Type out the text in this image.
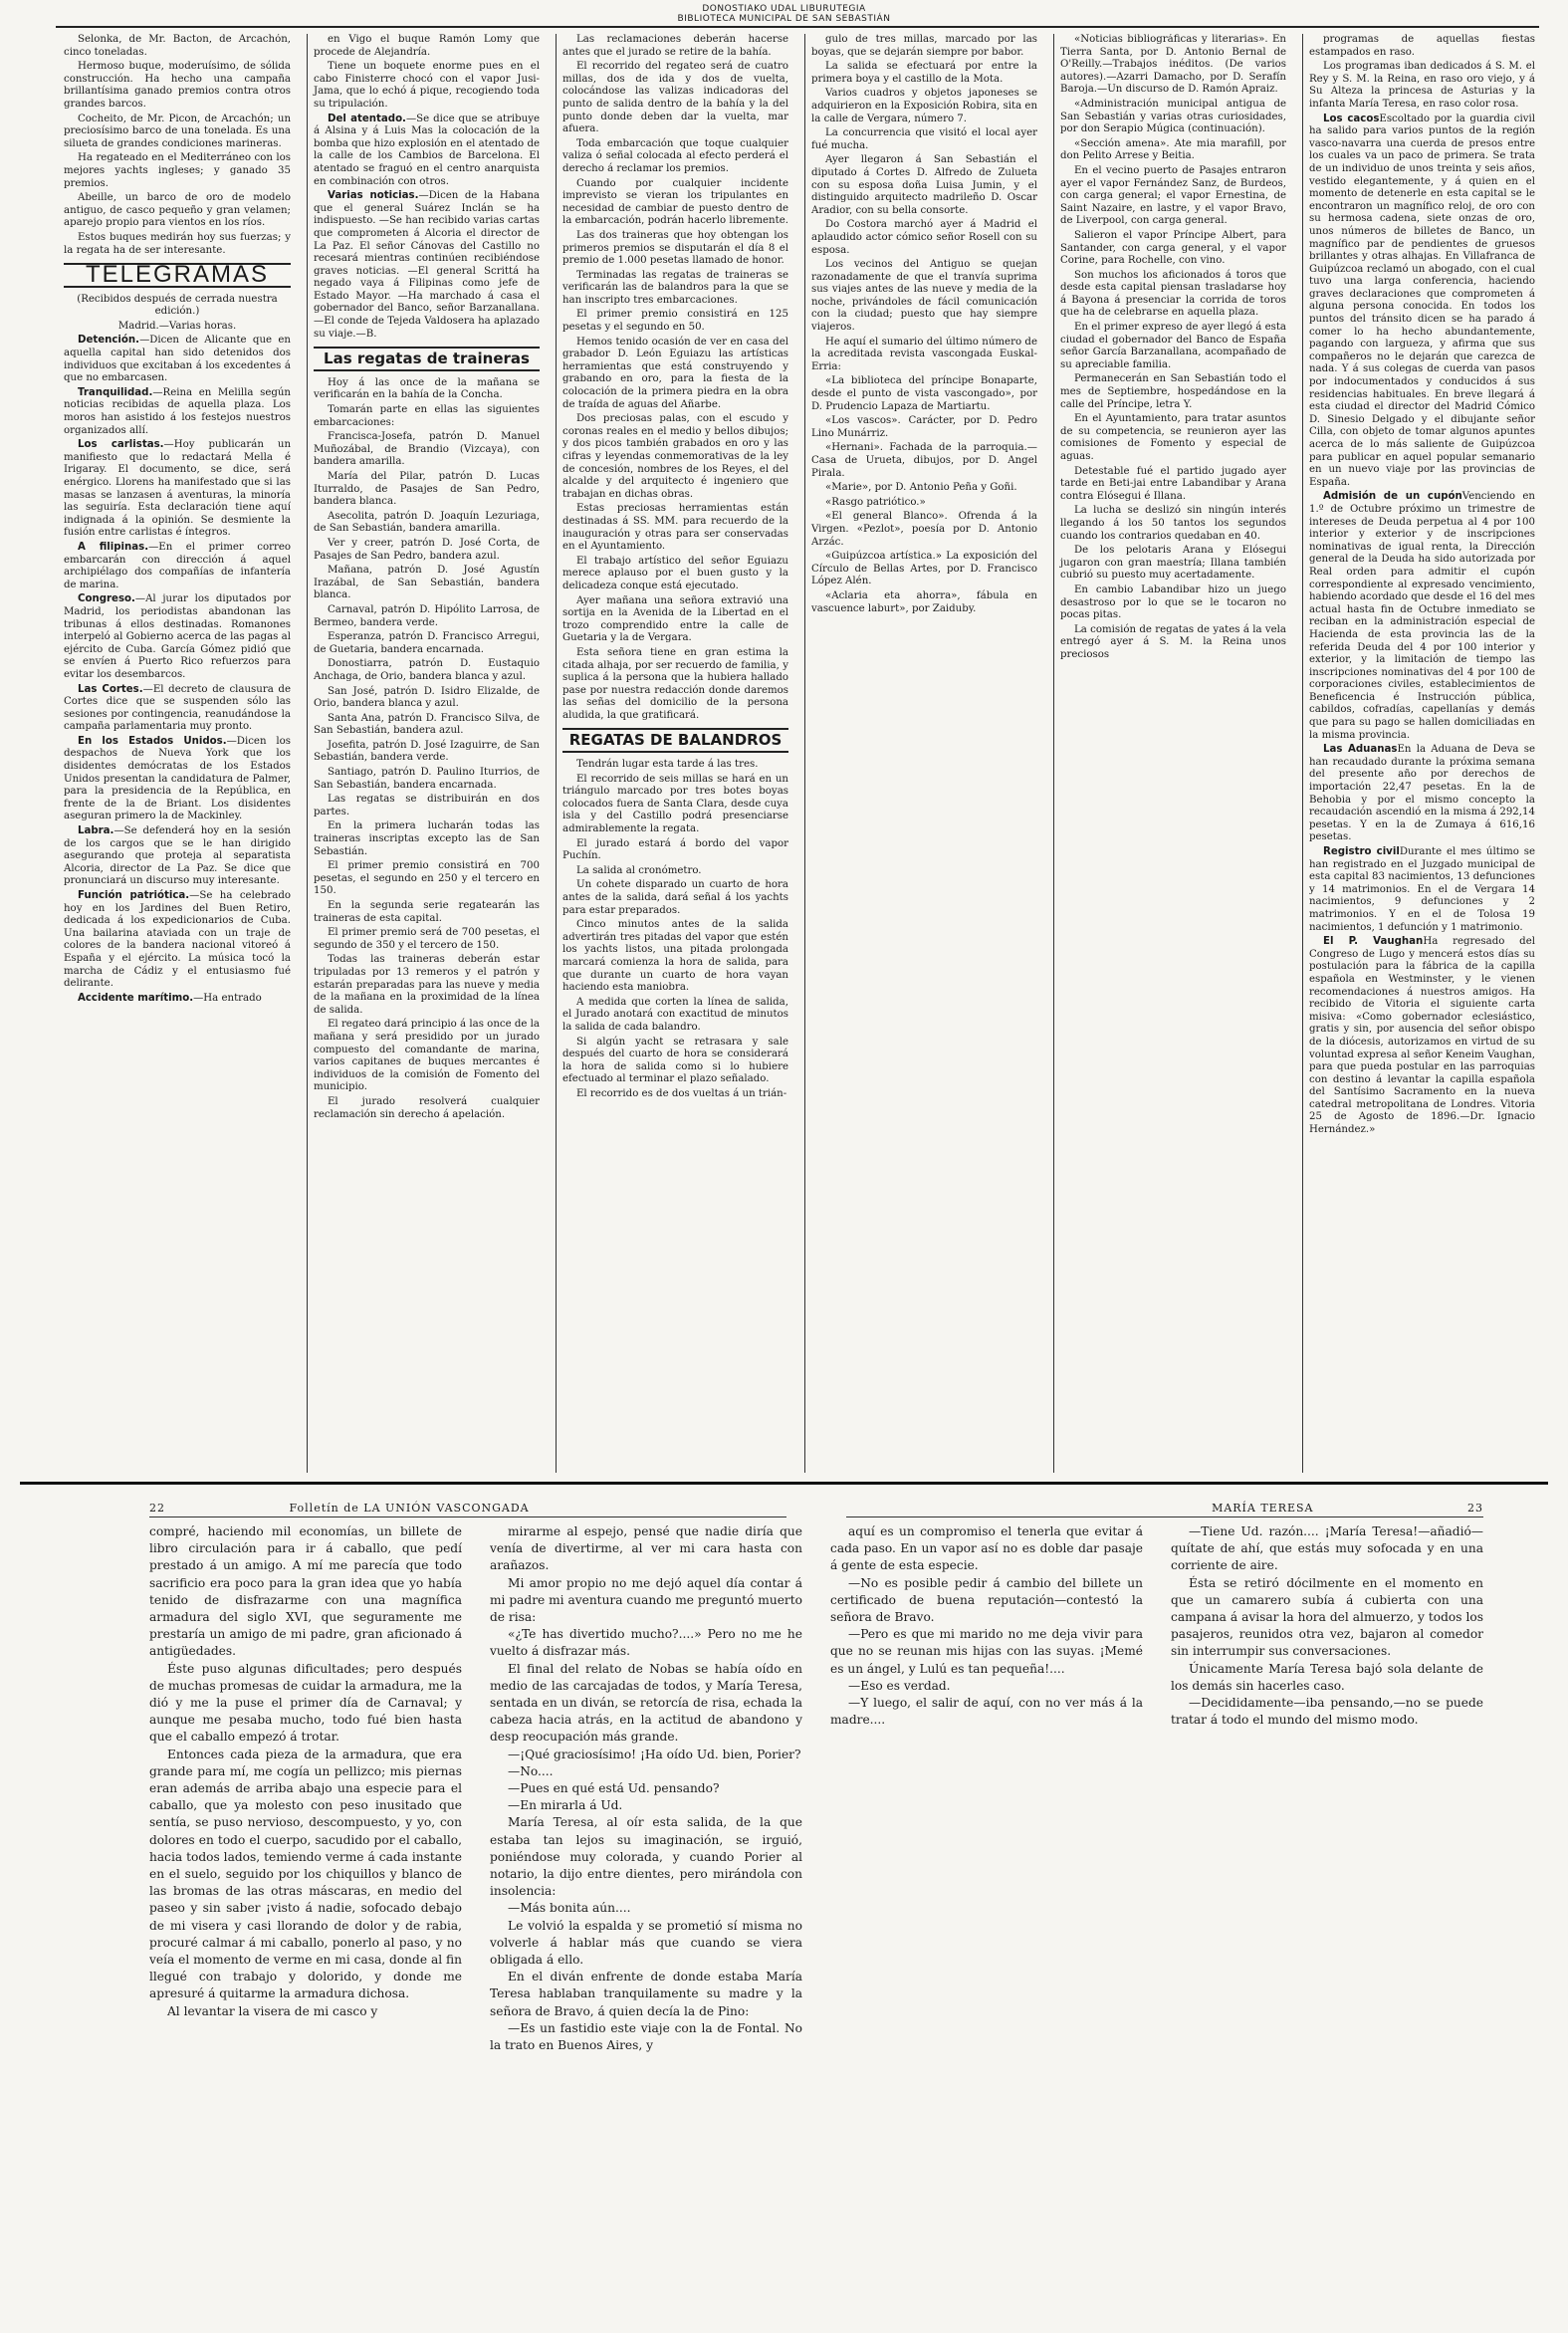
DONOSTIAKO UDAL LIBURUTEGIA
BIBLIOTECA MUNICIPAL DE SAN SEBASTIÁN

Selonka, de Mr. Bacton, de Arcachón, cinco toneladas.

Hermoso buque, moderuísimo, de sólida construcción. Ha hecho una campaña brillantísima ganado premios contra otros grandes barcos.

Cocheito, de Mr. Picon, de Arcachón; un preciosísimo barco de una tonelada. Es una silueta de grandes condiciones marineras.

Ha regateado en el Mediterráneo con los mejores yachts ingleses; y ganado 35 premios.

Abeille, un barco de oro de modelo antiguo, de casco pequeño y gran velamen; aparejo propio para vientos en los ríos.

Estos buques medirán hoy sus fuerzas; y la regata ha de ser interesante.

TELEGRAMAS

(Recibidos después de cerrada nuestra edición.)

Madrid.—Varias horas.

Detención.—Dicen de Alicante que en aquella capital han sido detenidos dos individuos que excitaban á los excedentes á que no embarcasen.

Tranquilidad.—Reina en Melilla según noticias recibidas de aquella plaza. Los moros han asistido á los festejos nuestros organizados allí.

Los carlistas.—Hoy publicarán un manifiesto que lo redactará Mella é Irigaray. El documento, se dice, será enérgico. Llorens ha manifestado que si las masas se lanzasen á aventuras, la minoría las seguiría. Esta declaración tiene aquí indignada á la opinión. Se desmiente la fusión entre carlistas é íntegros.

A filipinas.—En el primer correo embarcarán con dirección á aquel archipiélago dos compañías de infantería de marina.

Congreso.—Al jurar los diputados por Madrid, los periodistas abandonan las tribunas á ellos destinadas. Romanones interpeló al Gobierno acerca de las pagas al ejército de Cuba. García Gómez pidió que se envíen á Puerto Rico refuerzos para evitar los desembarcos.

Las Cortes.—El decreto de clausura de Cortes dice que se suspenden sólo las sesiones por contingencia, reanudándose la campaña parlamentaria muy pronto.

En los Estados Unidos.—Dicen los despachos de Nueva York que los disidentes demócratas de los Estados Unidos presentan la candidatura de Palmer, para la presidencia de la República, en frente de la de Briant. Los disidentes aseguran primero la de Mackinley.

Labra.—Se defenderá hoy en la sesión de los cargos que se le han dirigido asegurando que proteja al separatista Alcoria, director de La Paz. Se dice que pronunciará un discurso muy interesante.

Función patriótica.—Se ha celebrado hoy en los Jardines del Buen Retiro, dedicada á los expedicionarios de Cuba. Una bailarina ataviada con un traje de colores de la bandera nacional vitoreó á España y el ejército. La música tocó la marcha de Cádiz y el entusiasmo fué delirante.

Accidente marítimo.—Ha entrado

en Vigo el buque Ramón Lomy que procede de Alejandría.

Tiene un boquete enorme pues en el cabo Finisterre chocó con el vapor Jusi-Jama, que lo echó á pique, recogiendo toda su tripulación.

Del atentado.—Se dice que se atribuye á Alsina y á Luis Mas la colocación de la bomba que hizo explosión en el atentado de la calle de los Cambios de Barcelona. El atentado se fraguó en el centro anarquista en combinación con otros.

Varias noticias.—Dicen de la Habana que el general Suárez Inclán se ha indispuesto. —Se han recibido varias cartas que comprometen á Alcoria el director de La Paz. El señor Cánovas del Castillo no recesará mientras continúen recibiéndose graves noticias. —El general Scrittá ha negado vaya á Filipinas como jefe de Estado Mayor. —Ha marchado á casa el gobernador del Banco, señor Barzanallana. —El conde de Tejeda Valdosera ha aplazado su viaje.—B.

Las regatas de traineras

Hoy á las once de la mañana se verificarán en la bahía de la Concha.

Tomarán parte en ellas las siguientes embarcaciones:

Francisca-Josefa, patrón D. Manuel Muñozábal, de Brandio (Vizcaya), con bandera amarilla.

María del Pilar, patrón D. Lucas Iturraldo, de Pasajes de San Pedro, bandera blanca.

Asecolita, patrón D. Joaquín Lezuriaga, de San Sebastián, bandera amarilla.

Ver y creer, patrón D. José Corta, de Pasajes de San Pedro, bandera azul.

Mañana, patrón D. José Agustín Irazábal, de San Sebastián, bandera blanca.

Carnaval, patrón D. Hipólito Larrosa, de Bermeo, bandera verde.

Esperanza, patrón D. Francisco Arregui, de Guetaria, bandera encarnada.

Donostiarra, patrón D. Eustaquio Anchaga, de Orio, bandera blanca y azul.

San José, patrón D. Isidro Elizalde, de Orio, bandera blanca y azul.

Santa Ana, patrón D. Francisco Silva, de San Sebastián, bandera azul.

Josefita, patrón D. José Izaguirre, de San Sebastián, bandera verde.

Santiago, patrón D. Paulino Iturrios, de San Sebastián, bandera encarnada.

Las regatas se distribuirán en dos partes.

En la primera lucharán todas las traineras inscriptas excepto las de San Sebastián.

El primer premio consistirá en 700 pesetas, el segundo en 250 y el tercero en 150.

En la segunda serie regatearán las traineras de esta capital.

El primer premio será de 700 pesetas, el segundo de 350 y el tercero de 150.

Todas las traineras deberán estar tripuladas por 13 remeros y el patrón y estarán preparadas para las nueve y media de la mañana en la proximidad de la línea de salida.

El regateo dará principio á las once de la mañana y será presidido por un jurado compuesto del comandante de marina, varios capitanes de buques mercantes é individuos de la comisión de Fomento del municipio.

El jurado resolverá cualquier reclamación sin derecho á apelación.

Las reclamaciones deberán hacerse antes que el jurado se retire de la bahía.

El recorrido del regateo será de cuatro millas, dos de ida y dos de vuelta, colocándose las valizas indicadoras del punto de salida dentro de la bahía y la del punto donde deben dar la vuelta, mar afuera.

Toda embarcación que toque cualquier valiza ó señal colocada al efecto perderá el derecho á reclamar los premios.

Cuando por cualquier incidente imprevisto se vieran los tripulantes en necesidad de cambiar de puesto dentro de la embarcación, podrán hacerlo libremente.

Las dos traineras que hoy obtengan los primeros premios se disputarán el día 8 el premio de 1.000 pesetas llamado de honor.

Terminadas las regatas de traineras se verificarán las de balandros para la que se han inscripto tres embarcaciones.

El primer premio consistirá en 125 pesetas y el segundo en 50.

Hemos tenido ocasión de ver en casa del grabador D. León Eguiazu las artísticas herramientas que está construyendo y grabando en oro, para la fiesta de la colocación de la primera piedra en la obra de traída de aguas del Añarbe.

Dos preciosas palas, con el escudo y coronas reales en el medio y bellos dibujos; y dos picos también grabados en oro y las cifras y leyendas conmemorativas de la ley de concesión, nombres de los Reyes, el del alcalde y del arquitecto é ingeniero que trabajan en dichas obras.

Estas preciosas herramientas están destinadas á SS. MM. para recuerdo de la inauguración y otras para ser conservadas en el Ayuntamiento.

El trabajo artístico del señor Eguiazu merece aplauso por el buen gusto y la delicadeza conque está ejecutado.

Ayer mañana una señora extravió una sortija en la Avenida de la Libertad en el trozo comprendido entre la calle de Guetaria y la de Vergara.

Esta señora tiene en gran estima la citada alhaja, por ser recuerdo de familia, y suplica á la persona que la hubiera hallado pase por nuestra redacción donde daremos las señas del domicilio de la persona aludida, la que gratificará.

REGATAS DE BALANDROS

Tendrán lugar esta tarde á las tres.

El recorrido de seis millas se hará en un triángulo marcado por tres botes boyas colocados fuera de Santa Clara, desde cuya isla y del Castillo podrá presenciarse admirablemente la regata.

El jurado estará á bordo del vapor Puchín.

La salida al cronómetro.

Un cohete disparado un cuarto de hora antes de la salida, dará señal á los yachts para estar preparados.

Cinco minutos antes de la salida advertirán tres pitadas del vapor que estén los yachts listos, una pitada prolongada marcará comienza la hora de salida, para que durante un cuarto de hora vayan haciendo esta maniobra.

A medida que corten la línea de salida, el Jurado anotará con exactitud de minutos la salida de cada balandro.

Si algún yacht se retrasara y sale después del cuarto de hora se considerará la hora de salida como si lo hubiere efectuado al terminar el plazo señalado.

El recorrido es de dos vueltas á un trián-

gulo de tres millas, marcado por las boyas, que se dejarán siempre por babor.

La salida se efectuará por entre la primera boya y el castillo de la Mota.

Varios cuadros y objetos japoneses se adquirieron en la Exposición Robira, sita en la calle de Vergara, número 7.

La concurrencia que visitó el local ayer fué mucha.

Ayer llegaron á San Sebastián el diputado á Cortes D. Alfredo de Zulueta con su esposa doña Luisa Jumin, y el distinguido arquitecto madrileño D. Oscar Aradior, con su bella consorte.

Do Costora marchó ayer á Madrid el aplaudido actor cómico señor Rosell con su esposa.

Los vecinos del Antiguo se quejan razonadamente de que el tranvía suprima sus viajes antes de las nueve y media de la noche, privándoles de fácil comunicación con la ciudad; puesto que hay siempre viajeros.

He aquí el sumario del último número de la acreditada revista vascongada Euskal-Erria:

«La biblioteca del príncipe Bonaparte, desde el punto de vista vascongado», por D. Prudencio Lapaza de Martiartu.

«Los vascos». Carácter, por D. Pedro Lino Munárriz.

«Hernani». Fachada de la parroquia.—Casa de Urueta, dibujos, por D. Angel Pirala.

«Marie», por D. Antonio Peña y Goñi.

«Rasgo patriótico.»

«El general Blanco». Ofrenda á la Virgen. «Pezlot», poesía por D. Antonio Arzác.

«Guipúzcoa artística.» La exposición del Círculo de Bellas Artes, por D. Francisco López Alén.

«Aclaria eta ahorra», fábula en vascuence laburt», por Zaiduby.

«Noticias bibliográficas y literarias». En Tierra Santa, por D. Antonio Bernal de O'Reilly.—Trabajos inéditos. (De varios autores).—Azarri Damacho, por D. Serafín Baroja.—Un discurso de D. Ramón Apraiz.

«Administración municipal antigua de San Sebastián y varias otras curiosidades, por don Serapio Múgica (continuación).

«Sección amena». Ate mia marafill, por don Pelito Arrese y Beitia.

En el vecino puerto de Pasajes entraron ayer el vapor Fernández Sanz, de Burdeos, con carga general; el vapor Ernestina, de Saint Nazaire, en lastre, y el vapor Bravo, de Liverpool, con carga general.

Salieron el vapor Príncipe Albert, para Santander, con carga general, y el vapor Corine, para Rochelle, con vino.

Son muchos los aficionados á toros que desde esta capital piensan trasladarse hoy á Bayona á presenciar la corrida de toros que ha de celebrarse en aquella plaza.

En el primer expreso de ayer llegó á esta ciudad el gobernador del Banco de España señor García Barzanallana, acompañado de su apreciable familia.

Permanecerán en San Sebastián todo el mes de Septiembre, hospedándose en la calle del Príncipe, letra Y.

En el Ayuntamiento, para tratar asuntos de su competencia, se reunieron ayer las comisiones de Fomento y especial de aguas.

Detestable fué el partido jugado ayer tarde en Beti-jai entre Labandibar y Arana contra Elósegui é Illana.

La lucha se deslizó sin ningún interés llegando á los 50 tantos los segundos cuando los contrarios quedaban en 40.

De los pelotaris Arana y Elósegui jugaron con gran maestría; Illana también cubrió su puesto muy acertadamente.

En cambio Labandibar hizo un juego desastroso por lo que se le tocaron no pocas pitas.

La comisión de regatas de yates á la vela entregó ayer á S. M. la Reina unos preciosos

programas de aquellas fiestas estampados en raso.

Los programas iban dedicados á S. M. el Rey y S. M. la Reina, en raso oro viejo, y á Su Alteza la princesa de Asturias y la infanta María Teresa, en raso color rosa.

Los cacosEscoltado por la guardia civil ha salido para varios puntos de la región vasco-navarra una cuerda de presos entre los cuales va un paco de primera. Se trata de un individuo de unos treinta y seis años, vestido elegantemente, y á quien en el momento de detenerle en esta capital se le encontraron un magnífico reloj, de oro con su hermosa cadena, siete onzas de oro, unos números de billetes de Banco, un magnífico par de pendientes de gruesos brillantes y otras alhajas. En Villafranca de Guipúzcoa reclamó un abogado, con el cual tuvo una larga conferencia, haciendo graves declaraciones que comprometen á alguna persona conocida. En todos los puntos del tránsito dicen se ha parado á comer lo ha hecho abundantemente, pagando con largueza, y afirma que sus compañeros no le dejarán que carezca de nada. Y á sus colegas de cuerda van pasos por indocumentados y conducidos á sus residencias habituales. En breve llegará á esta ciudad el director del Madrid Cómico D. Sinesio Delgado y el dibujante señor Cilla, con objeto de tomar algunos apuntes acerca de lo más saliente de Guipúzcoa para publicar en aquel popular semanario en un nuevo viaje por las provincias de España.

Admisión de un cupónVenciendo en 1.º de Octubre próximo un trimestre de intereses de Deuda perpetua al 4 por 100 interior y exterior y de inscripciones nominativas de igual renta, la Dirección general de la Deuda ha sido autorizada por Real orden para admitir el cupón correspondiente al expresado vencimiento, habiendo acordado que desde el 16 del mes actual hasta fin de Octubre inmediato se reciban en la administración especial de Hacienda de esta provincia las de la referida Deuda del 4 por 100 interior y exterior, y la limitación de tiempo las inscripciones nominativas del 4 por 100 de corporaciones civiles, establecimientos de Beneficencia é Instrucción pública, cabildos, cofradías, capellanías y demás que para su pago se hallen domiciliadas en la misma provincia.

Las AduanasEn la Aduana de Deva se han recaudado durante la próxima semana del presente año por derechos de importación 22,47 pesetas. En la de Behobia y por el mismo concepto la recaudación ascendió en la misma á 292,14 pesetas. Y en la de Zumaya á 616,16 pesetas.

Registro civilDurante el mes último se han registrado en el Juzgado municipal de esta capital 83 nacimientos, 13 defunciones y 14 matrimonios. En el de Vergara 14 nacimientos, 9 defunciones y 2 matrimonios. Y en el de Tolosa 19 nacimientos, 1 defunción y 1 matrimonio.

El P. VaughanHa regresado del Congreso de Lugo y mencerá estos días su postulación para la fábrica de la capilla española en Westminster, y le vienen recomendaciones á nuestros amigos. Ha recibido de Vitoria el siguiente carta misiva: «Como gobernador eclesiástico, gratis y sin, por ausencia del señor obispo de la diócesis, autorizamos en virtud de su voluntad expresa al señor Keneim Vaughan, para que pueda postular en las parroquias con destino á levantar la capilla española del Santísimo Sacramento en la nueva catedral metropolitana de Londres. Vitoria 25 de Agosto de 1896.—Dr. Ignacio Hernández.»

22	Folletín de LA UNIÓN VASCONGADA	MARÍA TERESA	23

compré, haciendo mil economías, un billete de libro circulación para ir á caballo, que pedí prestado á un amigo. A mí me parecía que todo sacrificio era poco para la gran idea que yo había tenido de disfrazarme con una magnífica armadura del siglo XVI, que seguramente me prestaría un amigo de mi padre, gran aficionado á antigüedades.

Éste puso algunas dificultades; pero después de muchas promesas de cuidar la armadura, me la dió y me la puse el primer día de Carnaval; y aunque me pesaba mucho, todo fué bien hasta que el caballo empezó á trotar.

Entonces cada pieza de la armadura, que era grande para mí, me cogía un pellizco; mis piernas eran además de arriba abajo una especie para el caballo, que ya molesto con peso inusitado que sentía, se puso nervioso, descompuesto, y yo, con dolores en todo el cuerpo, sacudido por el caballo, hacia todos lados, temiendo verme á cada instante en el suelo, seguido por los chiquillos y blanco de las bromas de las otras máscaras, en medio del paseo y sin saber ¡visto á nadie, sofocado debajo de mi visera y casi llorando de dolor y de rabia, procuré calmar á mi caballo, ponerlo al paso, y no veía el momento de verme en mi casa, donde al fin llegué con trabajo y dolorido, y donde me apresuré á quitarme la armadura dichosa.

Al levantar la visera de mi casco y

mirarme al espejo, pensé que nadie diría que venía de divertirme, al ver mi cara hasta con arañazos.

Mi amor propio no me dejó aquel día contar á mi padre mi aventura cuando me preguntó muerto de risa:

«¿Te has divertido mucho?....» Pero no me he vuelto á disfrazar más.

El final del relato de Nobas se había oído en medio de las carcajadas de todos, y María Teresa, sentada en un diván, se retorcía de risa, echada la cabeza hacia atrás, en la actitud de abandono y desp reocupación más grande.

—¡Qué graciosísimo! ¡Ha oído Ud. bien, Porier?

—No....

—Pues en qué está Ud. pensando?

—En mirarla á Ud.

María Teresa, al oír esta salida, de la que estaba tan lejos su imaginación, se irguió, poniéndose muy colorada, y cuando Porier al notario, la dijo entre dientes, pero mirándola con insolencia:

—Más bonita aún....

Le volvió la espalda y se prometió sí misma no volverle á hablar más que cuando se viera obligada á ello.

En el diván enfrente de donde estaba María Teresa hablaban tranquilamente su madre y la señora de Bravo, á quien decía la de Pino:

—Es un fastidio este viaje con la de Fontal. No la trato en Buenos Aires, y

aquí es un compromiso el tenerla que evitar á cada paso. En un vapor así no es doble dar pasaje á gente de esta especie.

—No es posible pedir á cambio del billete un certificado de buena reputación—contestó la señora de Bravo.

—Pero es que mi marido no me deja vivir para que no se reunan mis hijas con las suyas. ¡Memé es un ángel, y Lulú es tan pequeña!....

—Eso es verdad.

—Y luego, el salir de aquí, con no ver más á la madre....

—Tiene Ud. razón.... ¡María Teresa!—añadió—quítate de ahí, que estás muy sofocada y en una corriente de aire.

Ésta se retiró dócilmente en el momento en que un camarero subía á cubierta con una campana á avisar la hora del almuerzo, y todos los pasajeros, reunidos otra vez, bajaron al comedor sin interrumpir sus conversaciones.

Únicamente María Teresa bajó sola delante de los demás sin hacerles caso.

—Decididamente—iba pensando,—no se puede tratar á todo el mundo del mismo modo.
